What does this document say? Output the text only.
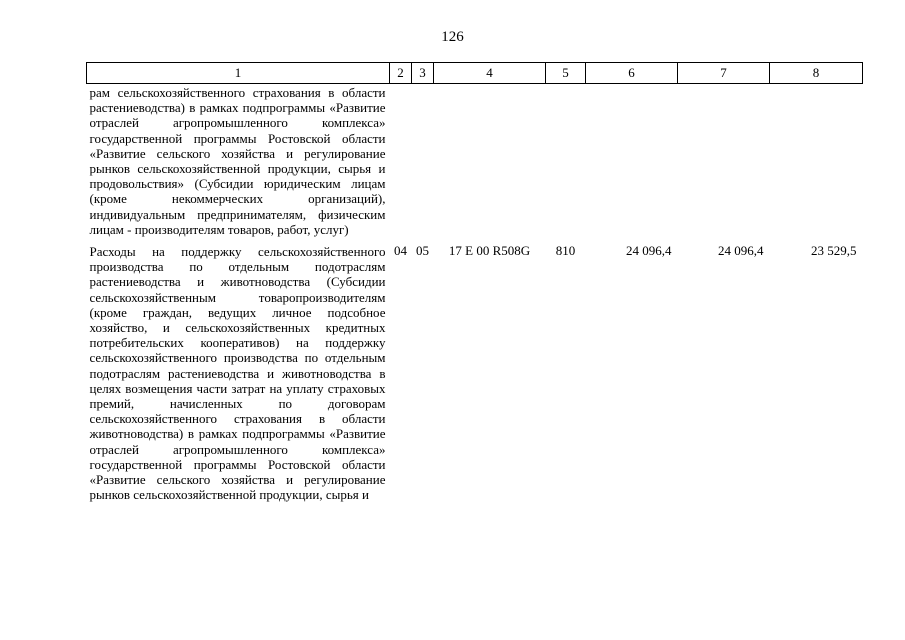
126
1	2	3	4	5	6	7	8
рам сельскохозяйственного страхования в области растениеводства) в рамках подпрограммы «Развитие отраслей агропромышленного комплекса» государственной программы Ростовской области «Развитие сельского хозяйства и регулирование рынков сельскохозяйственной продукции, сырья и продовольствия» (Субсидии юридическим лицам (кроме некоммерческих организаций), индивидуальным предпринимателям, физическим лицам - производителям товаров, работ, услуг)							

Расходы на поддержку сельскохозяйственного производства по отдельным подотраслям растениеводства и животноводства (Субсидии сельскохозяйственным товаропроизводителям (кроме граждан, ведущих личное подсобное хозяйство, и сельскохозяйственных кредитных потребительских кооперативов) на поддержку сельскохозяйственного производства по отдельным подотраслям растениеводства и животноводства в целях возмещения части затрат на уплату страховых премий, начисленных по договорам сельскохозяйственного страхования в области животноводства) в рамках подпрограммы «Развитие отраслей агропромышленного комплекса» государственной программы Ростовской области «Развитие сельского хозяйства и регулирование рынков сельскохозяйственной продукции, сырья и	04	05	17 Е 00 R508G	810	24 096,4	24 096,4	23 529,5
